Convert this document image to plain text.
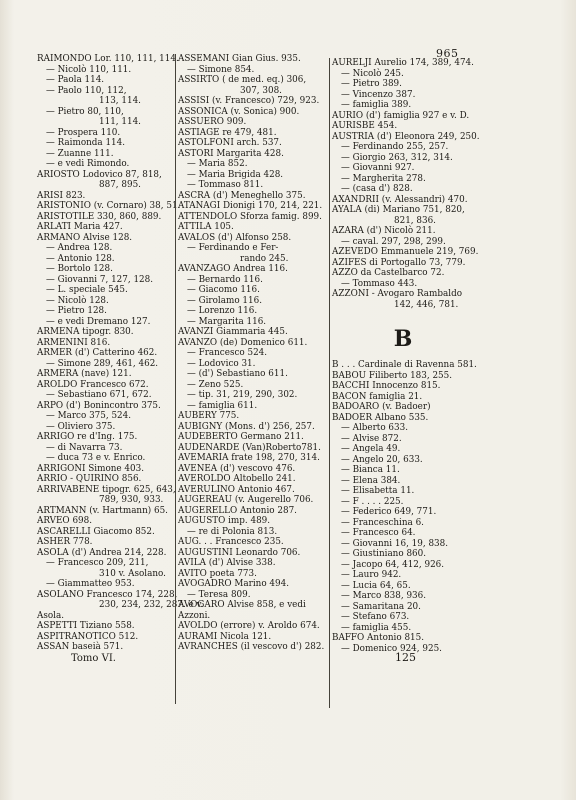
965
RAIMONDO Lor. 110, 111, 114.
— Nicolò 110, 111.
— Paola 114.
— Paolo 110, 112,
113, 114.
— Pietro 80, 110,
111, 114.
— Prospera 110.
— Raimonda 114.
— Zuanne 111.
— e vedi Rimondo.
ARIOSTO Lodovico 87, 818,
887, 895.
ARISI 823.
ARISTONIO (v. Cornaro) 38, 51.
ARISTOTILE 330, 860, 889.
ARLATI Maria 427.
ARMANO Alvise 128.
— Andrea 128.
— Antonio 128.
— Bortolo 128.
— Giovanni 7, 127, 128.
— L. speciale 545.
— Nicolò 128.
— Pietro 128.
— e vedi Dremano 127.
ARMENA tipogr. 830.
ARMENINI 816.
ARMER (d') Catterino 462.
— Simone 289, 461, 462.
ARMERA (nave) 121.
AROLDO Francesco 672.
— Sebastiano 671, 672.
ARPO (d') Bonincontro 375.
— Marco 375, 524.
— Oliviero 375.
ARRIGO re d'Ing. 175.
— di Navarra 73.
— duca 73 e v. Enrico.
ARRIGONI Simone 403.
ARRIO - QUIRINO 856.
ARRIVABENE tipogr. 625, 643,
789, 930, 933.
ARTMANN (v. Hartmann) 65.
ARVEO 698.
ASCARELLI Giacomo 852.
ASHER 778.
ASOLA (d') Andrea 214, 228.
— Francesco 209, 211,
310 v. Asolano.
— Giammatteo 953.
ASOLANO Francesco 174, 228,
230, 234, 232, 287. e v.
Asola.
ASPETTI Tiziano 558.
ASPITRANOTICO 512.
ASSAN baseià 571.
ASSEMANI Gian Gius. 935.
— Simone 854.
ASSIRTO ( de med. eq.) 306,
307, 308.
ASSISI (v. Francesco) 729, 923.
ASSONICA (v. Sonica) 900.
ASSUERO 909.
ASTIAGE re 479, 481.
ASTOLFONI arch. 537.
ASTORI Margarita 428.
— Maria 852.
— Maria Brigida 428.
— Tommaso 811.
ASCRA (d') Meneghello 375.
ATANAGI Dionigi 170, 214, 221.
ATTENDOLO Sforza famig. 899.
ATTILA 105.
AVALOS (d') Alfonso 258.
— Ferdinando e Fer-
rando 245.
AVANZAGO Andrea 116.
— Bernardo 116.
— Giacomo 116.
— Girolamo 116.
— Lorenzo 116.
— Margarita 116.
AVANZI Giammaria 445.
AVANZO (de) Domenico 611.
— Francesco 524.
— Lodovico 31.
— (d') Sebastiano 611.
— Zeno 525.
— tip. 31, 219, 290, 302.
— famiglia 611.
AUBERY 775.
AUBIGNY (Mons. d') 256, 257.
AUDEBERTO Germano 211.
AUDENARDE (Van)Roberto781.
AVEMARIA frate 198, 270, 314.
AVENEA (d') vescovo 476.
AVEROLDO Altobello 241.
AVERULINO Antonio 467.
AUGEREAU (v. Augerello 706.
AUGERELLO Antonio 287.
AUGUSTO imp. 489.
— re di Polonia 813.
AUG. . . Francesco 235.
AUGUSTINI Leonardo 706.
AVILA (d') Alvise 338.
AVITO poeta 773.
AVOGADRO Marino 494.
— Teresa 809.
AVOGARO Alvise 858, e vedi
Azzoni.
AVOLDO (errore) v. Aroldo 674.
AURAMI Nicola 121.
AVRANCHES (il vescovo d') 282.
AURELJI Aurelio 174, 389, 474.
— Nicolò 245.
— Pietro 389.
— Vincenzo 387.
— famiglia 389.
AURIO (d') famiglia 927 e v. D.
AURISBE 454.
AUSTRIA (d') Eleonora 249, 250.
— Ferdinando 255, 257.
— Giorgio 263, 312, 314.
— Giovanni 927.
— Margherita 278.
— (casa d') 828.
AXANDRII (v. Alessandri) 470.
AYALA (di) Mariano 751, 820,
821, 836.
AZARA (d') Nicolò 211.
— caval. 297, 298, 299.
AZEVEDO Emmanuele 219, 769.
AZIFES di Portogallo 73, 779.
AZZO da Castelbarco 72.
— Tommaso 443.
AZZONI - Avogaro Rambaldo
142, 446, 781.
B
B . . . Cardinale di Ravenna 581.
BABOU Filiberto 183, 255.
BACCHI Innocenzo 815.
BACON famiglia 21.
BADOARO (v. Badoer)
BADOER Albano 535.
— Alberto 633.
— Alvise 872.
— Angela 49.
— Angelo 20, 633.
— Bianca 11.
— Elena 384.
— Elisabetta 11.
— F . . . . 225.
— Federico 649, 771.
— Franceschina 6.
— Francesco 64.
— Giovanni 16, 19, 838.
— Giustiniano 860.
— Jacopo 64, 412, 926.
— Lauro 942.
— Lucia 64, 65.
— Marco 838, 936.
— Samaritana 20.
— Stefano 673.
— famiglia 455.
BAFFO Antonio 815.
— Domenico 924, 925.
Tomo VI.	125
